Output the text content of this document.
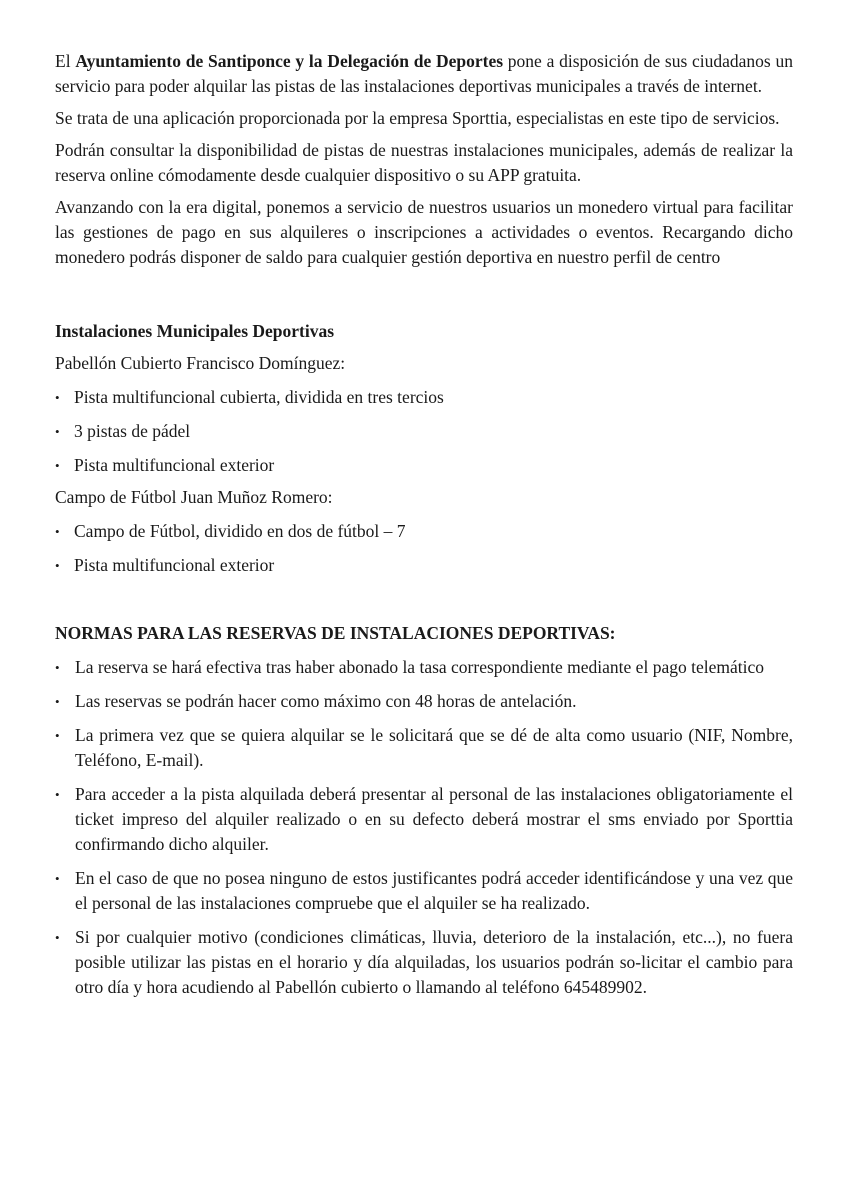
El Ayuntamiento de Santiponce y la Delegación de Deportes pone a disposición de sus ciudadanos un servicio para poder alquilar las pistas de las instalaciones deportivas municipales a través de internet.

Se trata de una aplicación proporcionada por la empresa Sporttia, especialistas en este tipo de servicios.

Podrán consultar la disponibilidad de pistas de nuestras instalaciones municipales, además de realizar la reserva online cómodamente desde cualquier dispositivo o su APP gratuita.

Avanzando con la era digital, ponemos a servicio de nuestros usuarios un monedero virtual para facilitar las gestiones de pago en sus alquileres o inscripciones a actividades o eventos. Recargando dicho monedero podrás disponer de saldo para cualquier gestión deportiva en nuestro perfil de centro

Instalaciones Municipales Deportivas

Pabellón Cubierto Francisco Domínguez:

• Pista multifuncional cubierta, dividida en tres tercios
• 3 pistas de pádel
• Pista multifuncional exterior

Campo de Fútbol Juan Muñoz Romero:

• Campo de Fútbol, dividido en dos de fútbol – 7
• Pista multifuncional exterior

NORMAS PARA LAS RESERVAS DE INSTALACIONES DEPORTIVAS:

• La reserva se hará efectiva tras haber abonado la tasa correspondiente mediante el pago telemático
• Las reservas se podrán hacer como máximo con 48 horas de antelación.
• La primera vez que se quiera alquilar se le solicitará que se dé de alta como usuario (NIF, Nombre, Teléfono, E-mail).
• Para acceder a la pista alquilada deberá presentar al personal de las instalaciones obligatoriamente el ticket impreso del alquiler realizado o en su defecto deberá mostrar el sms enviado por Sporttia confirmando dicho alquiler.
• En el caso de que no posea ninguno de estos justificantes podrá acceder identificándose y una vez que el personal de las instalaciones compruebe que el alquiler se ha realizado.
• Si por cualquier motivo (condiciones climáticas, lluvia, deterioro de la instalación, etc...), no fuera posible utilizar las pistas en el horario y día alquiladas, los usuarios podrán so-licitar el cambio para otro día y hora acudiendo al Pabellón cubierto o llamando al teléfono 645489902.
